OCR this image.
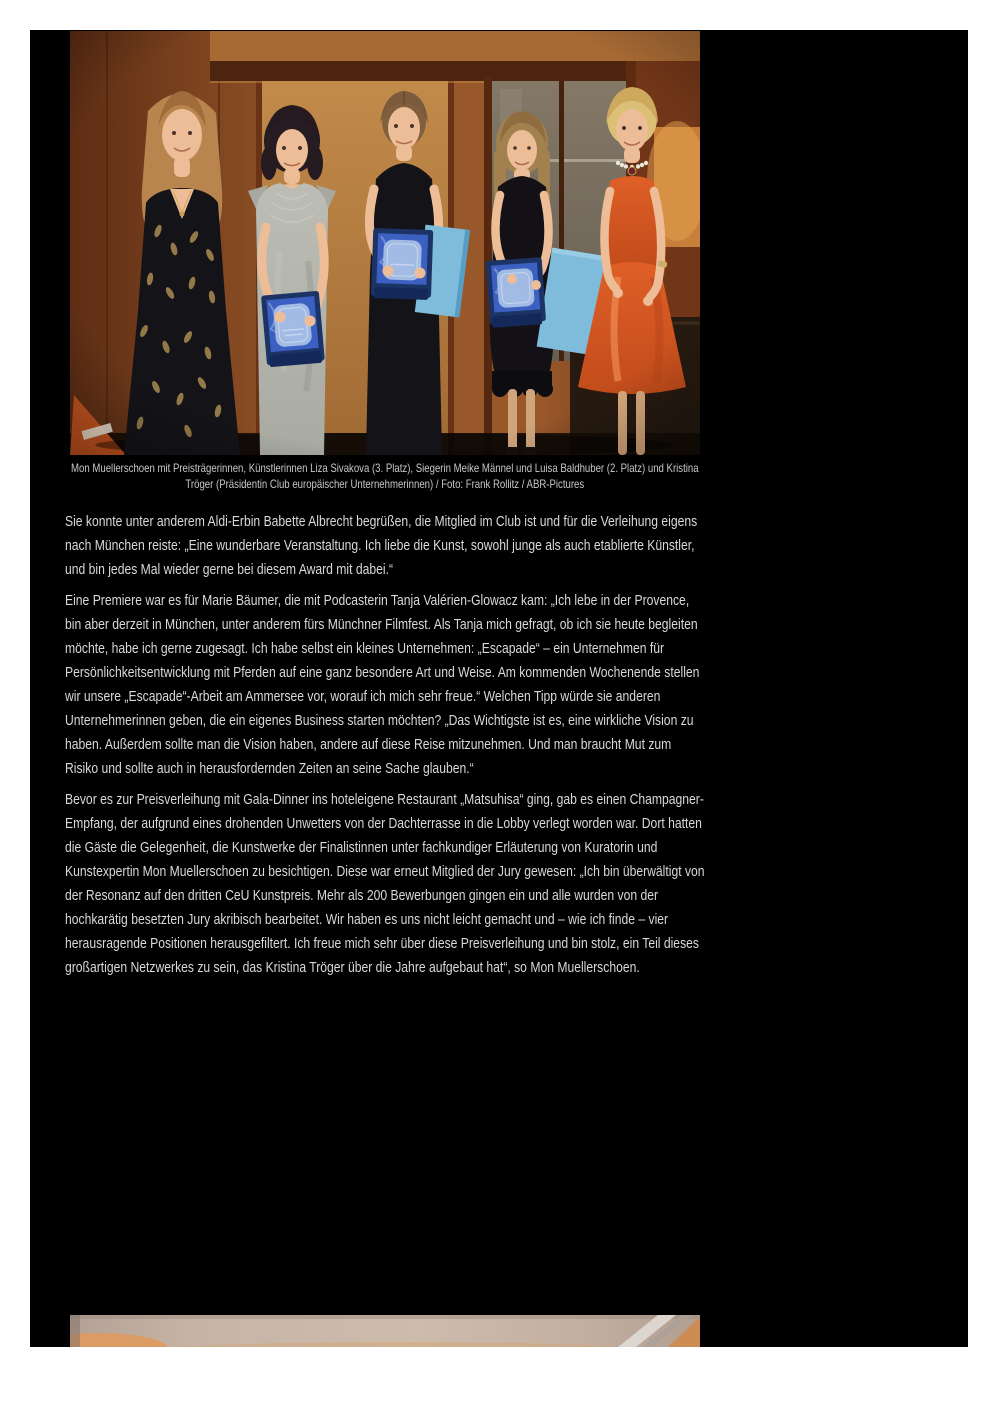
Mon Muellerschoen mit Preisträgerinnen, Künstlerinnen Liza Sivakova (3. Platz), Siegerin Meike Männel und Luisa Baldhuber (2. Platz) und Kristina Tröger (Präsidentin Club europäischer Unternehmerinnen) / Foto: Frank Rollitz / ABR-Pictures

Sie konnte unter anderem Aldi-Erbin Babette Albrecht begrüßen, die Mitglied im Club ist und für die Verleihung eigens nach München reiste: „Eine wunderbare Veranstaltung. Ich liebe die Kunst, sowohl junge als auch etablierte Künstler, und bin jedes Mal wieder gerne bei diesem Award mit dabei.“

Eine Premiere war es für Marie Bäumer, die mit Podcasterin Tanja Valérien-Glowacz kam: „Ich lebe in der Provence, bin aber derzeit in München, unter anderem fürs Münchner Filmfest. Als Tanja mich gefragt, ob ich sie heute begleiten möchte, habe ich gerne zugesagt. Ich habe selbst ein kleines Unternehmen: „Escapade“ – ein Unternehmen für Persönlichkeitsentwicklung mit Pferden auf eine ganz besondere Art und Weise. Am kommenden Wochenende stellen wir unsere „Escapade“-Arbeit am Ammersee vor, worauf ich mich sehr freue.“ Welchen Tipp würde sie anderen Unternehmerinnen geben, die ein eigenes Business starten möchten? „Das Wichtigste ist es, eine wirkliche Vision zu haben. Außerdem sollte man die Vision haben, andere auf diese Reise mitzunehmen. Und man braucht Mut zum Risiko und sollte auch in herausfordernden Zeiten an seine Sache glauben.“

Bevor es zur Preisverleihung mit Gala-Dinner ins hoteleigene Restaurant „Matsuhisa“ ging, gab es einen Champagner-Empfang, der aufgrund eines drohenden Unwetters von der Dachterrasse in die Lobby verlegt worden war. Dort hatten die Gäste die Gelegenheit, die Kunstwerke der Finalistinnen unter fachkundiger Erläuterung von Kuratorin und Kunstexpertin Mon Muellerschoen zu besichtigen. Diese war erneut Mitglied der Jury gewesen: „Ich bin überwältigt von der Resonanz auf den dritten CeU Kunstpreis. Mehr als 200 Bewerbungen gingen ein und alle wurden von der hochkarätig besetzten Jury akribisch bearbeitet. Wir haben es uns nicht leicht gemacht und – wie ich finde – vier herausragende Positionen herausgefiltert. Ich freue mich sehr über diese Preisverleihung und bin stolz, ein Teil dieses großartigen Netzwerkes zu sein, das Kristina Tröger über die Jahre aufgebaut hat“, so Mon Muellerschoen.
